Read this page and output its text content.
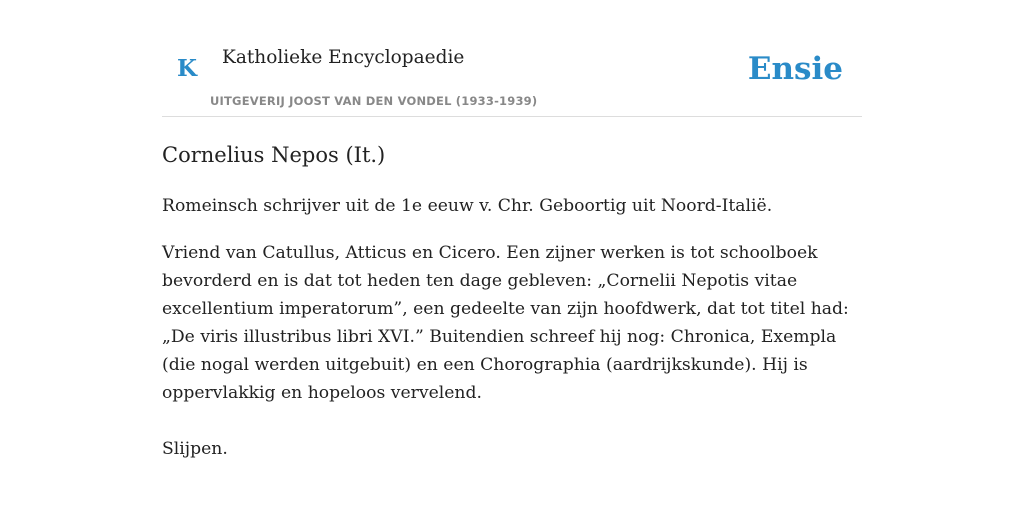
K Katholieke Encyclopaedie
UITGEVERIJ JOOST VAN DEN VONDEL (1933-1939)
Ensie
Cornelius Nepos (It.)

Romeinsch schrijver uit de 1e eeuw v. Chr. Geboortig uit Noord-Italië.

Vriend van Catullus, Atticus en Cicero. Een zijner werken is tot schoolboek bevorderd en is dat tot heden ten dage gebleven: „Cornelii Nepotis vitae excellentium imperatorum”, een gedeelte van zijn hoofdwerk, dat tot titel had: „De viris illustribus libri XVI.” Buitendien schreef hij nog: Chronica, Exempla (die nogal werden uitgebuit) en een Chorographia (aardrijkskunde). Hij is oppervlakkig en hopeloos vervelend.

Slijpen.
